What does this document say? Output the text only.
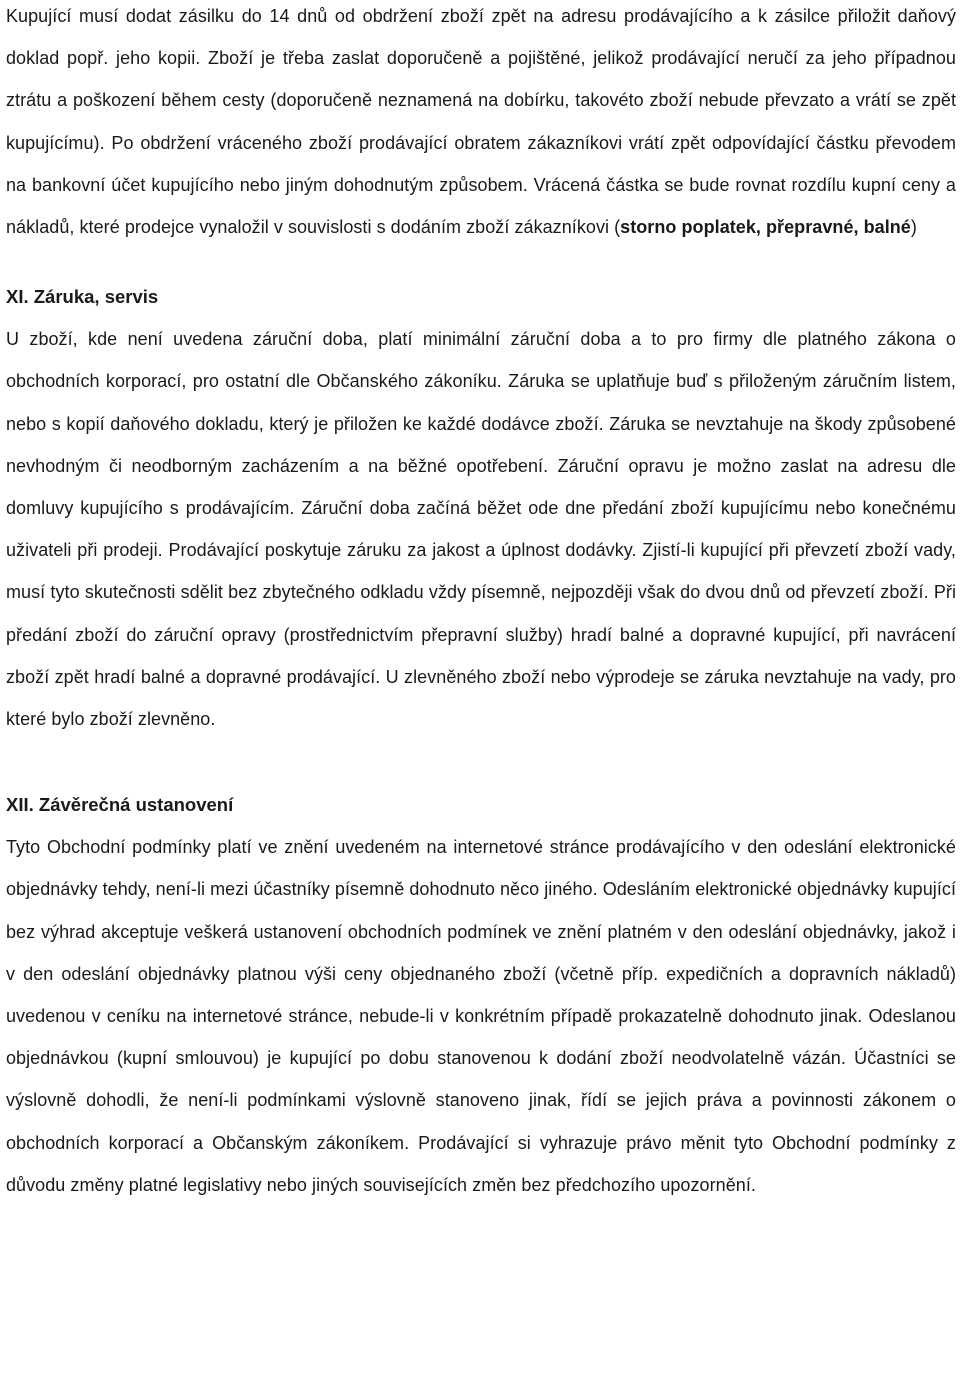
Kupující musí dodat zásilku do 14 dnů od obdržení zboží zpět na adresu prodávajícího a k zásilce přiložit daňový doklad popř. jeho kopii. Zboží je třeba zaslat doporučeně a pojištěné, jelikož prodávající neručí za jeho případnou ztrátu a poškození během cesty (doporučeně neznamená na dobírku, takovéto zboží nebude převzato a vrátí se zpět kupujícímu). Po obdržení vráceného zboží prodávající obratem zákazníkovi vrátí zpět odpovídající částku převodem na bankovní účet kupujícího nebo jiným dohodnutým způsobem. Vrácená částka se bude rovnat rozdílu kupní ceny a nákladů, které prodejce vynaložil v souvislosti s dodáním zboží zákazníkovi (storno poplatek, přepravné, balné)

XI. Záruka, servis

U zboží, kde není uvedena záruční doba, platí minimální záruční doba a to pro firmy dle platného zákona o obchodních korporací, pro ostatní dle Občanského zákoníku. Záruka se uplatňuje buď s přiloženým záručním listem, nebo s kopií daňového dokladu, který je přiložen ke každé dodávce zboží. Záruka se nevztahuje na škody způsobené nevhodným či neodborným zacházením a na běžné opotřebení. Záruční opravu je možno zaslat na adresu dle domluvy kupujícího s prodávajícím. Záruční doba začíná běžet ode dne předání zboží kupujícímu nebo konečnému uživateli při prodeji. Prodávající poskytuje záruku za jakost a úplnost dodávky. Zjistí-li kupující při převzetí zboží vady, musí tyto skutečnosti sdělit bez zbytečného odkladu vždy písemně, nejpozději však do dvou dnů od převzetí zboží. Při předání zboží do záruční opravy (prostřednictvím přepravní služby) hradí balné a dopravné kupující, při navrácení zboží zpět hradí balné a dopravné prodávající. U zlevněného zboží nebo výprodeje se záruka nevztahuje na vady, pro které bylo zboží zlevněno.

XII. Závěrečná ustanovení

Tyto Obchodní podmínky platí ve znění uvedeném na internetové stránce prodávajícího v den odeslání elektronické objednávky tehdy, není-li mezi účastníky písemně dohodnuto něco jiného. Odesláním elektronické objednávky kupující bez výhrad akceptuje veškerá ustanovení obchodních podmínek ve znění platném v den odeslání objednávky, jakož i v den odeslání objednávky platnou výši ceny objednaného zboží (včetně příp. expedičních a dopravních nákladů) uvedenou v ceníku na internetové stránce, nebude-li v konkrétním případě prokazatelně dohodnuto jinak. Odeslanou objednávkou (kupní smlouvou) je kupující po dobu stanovenou k dodání zboží neodvolatelně vázán. Účastníci se výslovně dohodli, že není-li podmínkami výslovně stanoveno jinak, řídí se jejich práva a povinnosti zákonem o obchodních korporací a Občanským zákoníkem. Prodávající si vyhrazuje právo měnit tyto Obchodní podmínky z důvodu změny platné legislativy nebo jiných souvisejících změn bez předchozího upozornění.
